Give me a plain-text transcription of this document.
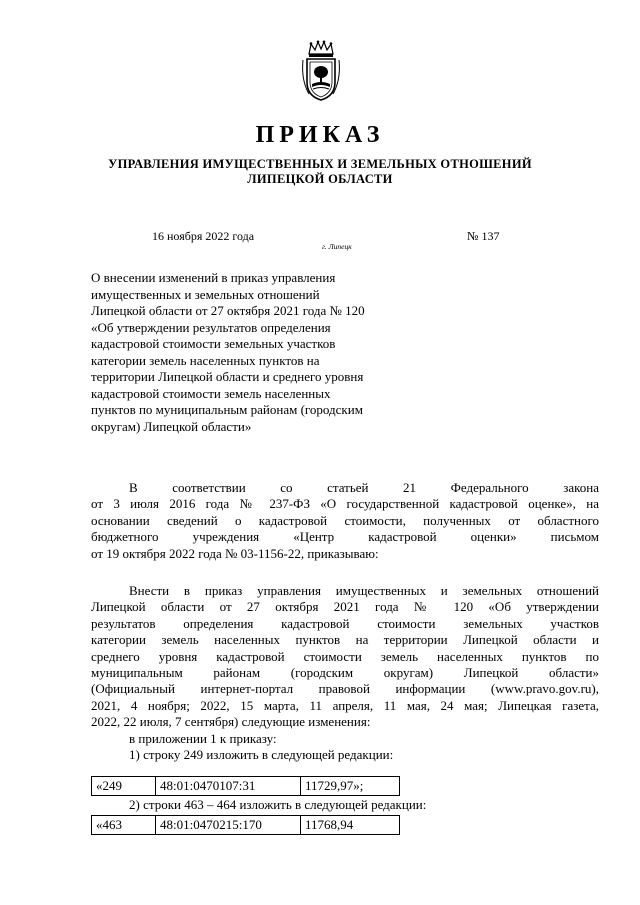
ПРИКАЗ
УПРАВЛЕНИЯ ИМУЩЕСТВЕННЫХ И ЗЕМЕЛЬНЫХ ОТНОШЕНИЙ
ЛИПЕЦКОЙ ОБЛАСТИ
16 ноября 2022 года	№ 137
г. Липецк
О внесении изменений в приказ управления
имущественных и земельных отношений
Липецкой области от 27 октября 2021 года № 120
«Об утверждении результатов определения
кадастровой стоимости земельных участков
категории земель населенных пунктов на
территории Липецкой области и среднего уровня
кадастровой стоимости земель населенных
пунктов по муниципальным районам (городским
округам) Липецкой области»
В соответствии со статьей 21 Федерального закона
от 3 июля 2016 года № 237-ФЗ «О государственной кадастровой оценке», на
основании сведений о кадастровой стоимости, полученных от областного
бюджетного учреждения «Центр кадастровой оценки» письмом
от 19 октября 2022 года № 03-1156-22, приказываю:
Внести в приказ управления имущественных и земельных отношений
Липецкой области от 27 октября 2021 года № 120 «Об утверждении
результатов определения кадастровой стоимости земельных участков
категории земель населенных пунктов на территории Липецкой области и
среднего уровня кадастровой стоимости земель населенных пунктов по
муниципальным районам (городским округам) Липецкой области»
(Официальный интернет-портал правовой информации (www.pravo.gov.ru),
2021, 4 ноября; 2022, 15 марта, 11 апреля, 11 мая, 24 мая; Липецкая газета,
2022, 22 июля, 7 сентября) следующие изменения:
в приложении 1 к приказу:
1) строку 249 изложить в следующей редакции:
«249	48:01:0470107:31	11729,97»;
2) строки 463 – 464 изложить в следующей редакции:
«463	48:01:0470215:170	11768,94
